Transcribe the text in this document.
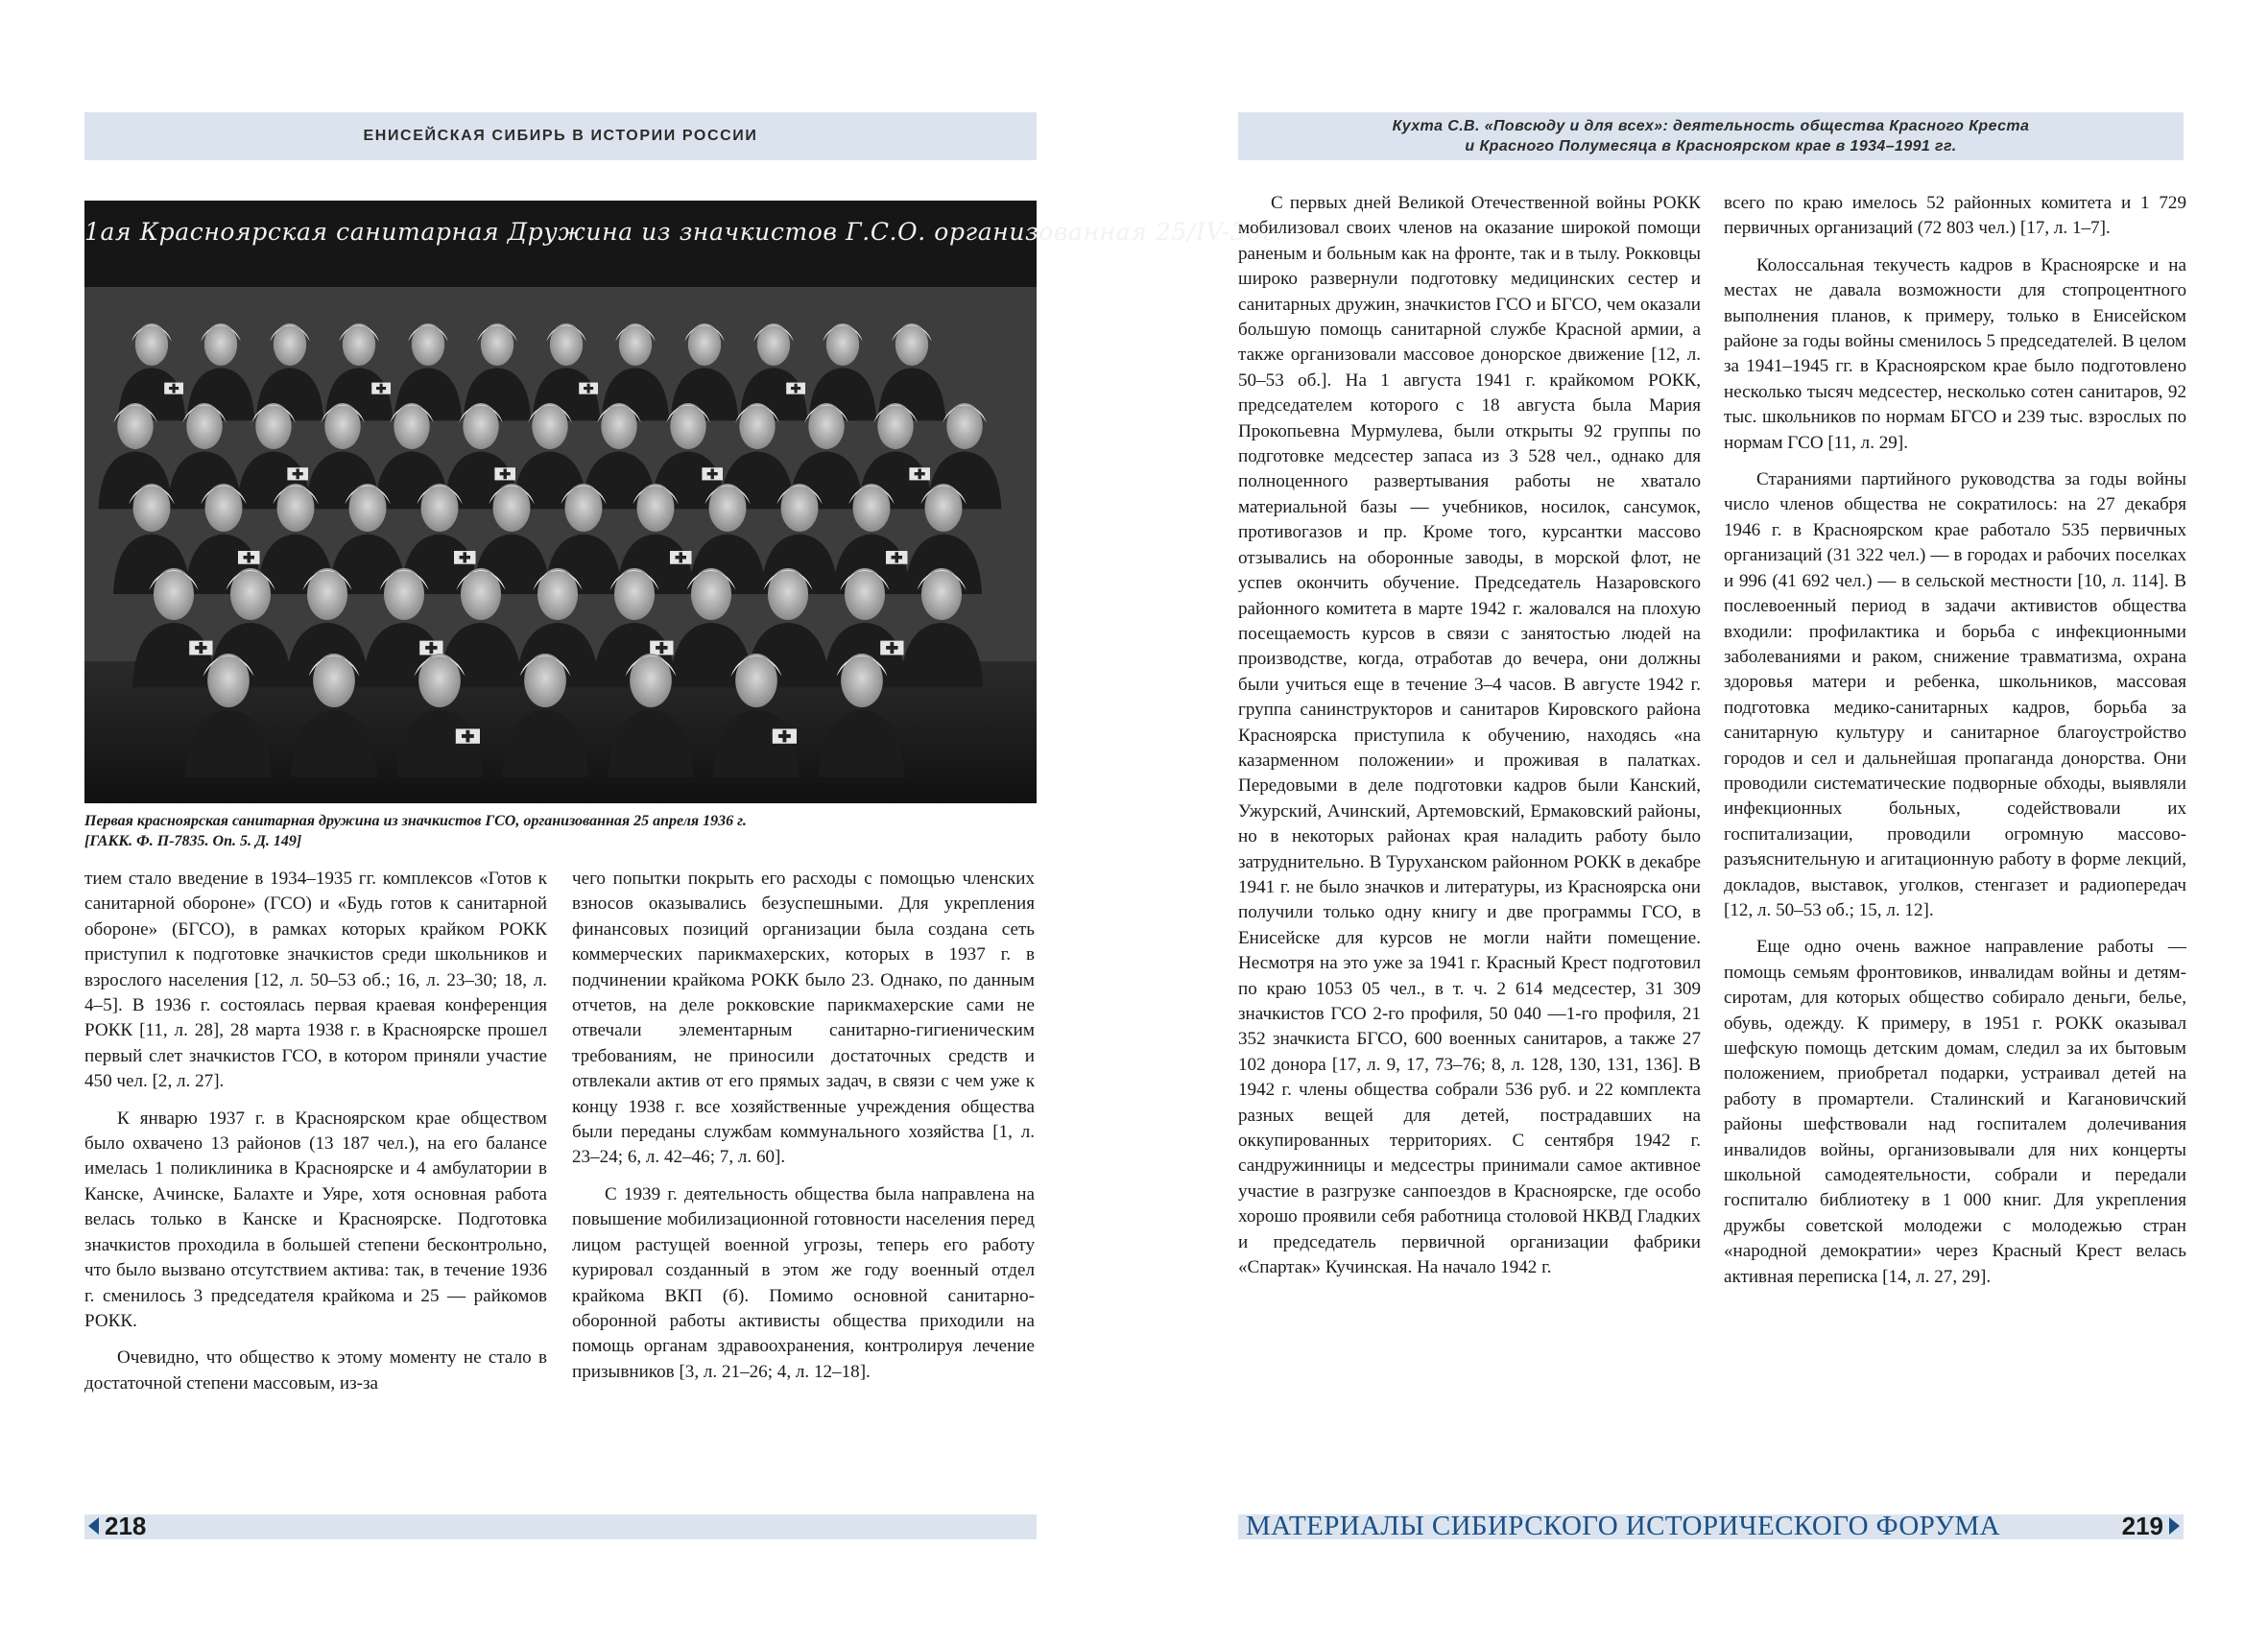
ЕНИСЕЙСКАЯ СИБИРЬ В ИСТОРИИ РОССИИ
1ая Красноярская санитарная Дружина из значкистов Г.С.О. организованная 25/IV-36г.
Первая красноярская санитарная дружина из значкистов ГСО, организованная 25 апреля 1936 г.
[ГАКК. Ф. П-7835. Оп. 5. Д. 149]

тием стало введение в 1934–1935 гг. комплексов «Готов к санитарной обороне» (ГСО) и «Будь готов к санитарной обороне» (БГСО), в рамках которых крайком РОКК приступил к подготовке значкистов среди школьников и взрослого населения [12, л. 50–53 об.; 16, л. 23–30; 18, л. 4–5]. В 1936 г. состоялась первая краевая конференция РОКК [11, л. 28], 28 марта 1938 г. в Красноярске прошел первый слет значкистов ГСО, в котором приняли участие 450 чел. [2, л. 27].

К январю 1937 г. в Красноярском крае обществом было охвачено 13 районов (13 187 чел.), на его балансе имелась 1 поликлиника в Красноярске и 4 амбулатории в Канске, Ачинске, Балахте и Уяре, хотя основная работа велась только в Канске и Красноярске. Подготовка значкистов проходила в большей степени бесконтрольно, что было вызвано отсутствием актива: так, в течение 1936 г. сменилось 3 председателя крайкома и 25 — райкомов РОКК.

Очевидно, что общество к этому моменту не стало в достаточной степени массовым, из-за

чего попытки покрыть его расходы с помощью членских взносов оказывались безуспешными. Для укрепления финансовых позиций организации была создана сеть коммерческих парикмахерских, которых в 1937 г. в подчинении крайкома РОКК было 23. Однако, по данным отчетов, на деле рокковские парикмахерские сами не отвечали элементарным санитарно-гигиеническим требованиям, не приносили достаточных средств и отвлекали актив от его прямых задач, в связи с чем уже к концу 1938 г. все хозяйственные учреждения общества были переданы службам коммунального хозяйства [1, л. 23–24; 6, л. 42–46; 7, л. 60].

С 1939 г. деятельность общества была направлена на повышение мобилизационной готовности населения перед лицом растущей военной угрозы, теперь его работу курировал созданный в этом же году военный отдел крайкома ВКП (б). Помимо основной санитарно-оборонной работы активисты общества приходили на помощь органам здравоохранения, контролируя лечение призывников [3, л. 21–26; 4, л. 12–18].

218
Кухта С.В. «Повсюду и для всех»: деятельность общества Красного Креста
и Красного Полумесяца в Красноярском крае в 1934–1991 гг.

С первых дней Великой Отечественной войны РОКК мобилизовал своих членов на оказание широкой помощи раненым и больным как на фронте, так и в тылу. Рокковцы широко развернули подготовку медицинских сестер и санитарных дружин, значкистов ГСО и БГСО, чем оказали большую помощь санитарной службе Красной армии, а также организовали массовое донорское движение [12, л. 50–53 об.]. На 1 августа 1941 г. крайкомом РОКК, председателем которого с 18 августа была Мария Прокопьевна Мурмулева, были открыты 92 группы по подготовке медсестер запаса из 3 528 чел., однако для полноценного развертывания работы не хватало материальной базы — учебников, носилок, сансумок, противогазов и пр. Кроме того, курсантки массово отзывались на оборонные заводы, в морской флот, не успев окончить обучение. Председатель Назаровского районного комитета в марте 1942 г. жаловался на плохую посещаемость курсов в связи с занятостью людей на производстве, когда, отработав до вечера, они должны были учиться еще в течение 3–4 часов. В августе 1942 г. группа санинструкторов и санитаров Кировского района Красноярска приступила к обучению, находясь «на казарменном положении» и проживая в палатках. Передовыми в деле подготовки кадров были Канский, Ужурский, Ачинский, Артемовский, Ермаковский районы, но в некоторых районах края наладить работу было затруднительно. В Туруханском районном РОКК в декабре 1941 г. не было значков и литературы, из Красноярска они получили только одну книгу и две программы ГСО, в Енисейске для курсов не могли найти помещение. Несмотря на это уже за 1941 г. Красный Крест подготовил по краю 1053 05 чел., в т. ч. 2 614 медсестер, 31 309 значкистов ГСО 2-го профиля, 50 040 —1-го профиля, 21 352 значкиста БГСО, 600 военных санитаров, а также 27 102 донора [17, л. 9, 17, 73–76; 8, л. 128, 130, 131, 136]. В 1942 г. члены общества собрали 536 руб. и 22 комплекта разных вещей для детей, пострадавших на оккупированных территориях. С сентября 1942 г. сандружинницы и медсестры принимали самое активное участие в разгрузке санпоездов в Красноярске, где особо хорошо проявили себя работница столовой НКВД Гладких и председатель первичной организации фабрики «Спартак» Кучинская. На начало 1942 г.

всего по краю имелось 52 районных комитета и 1 729 первичных организаций (72 803 чел.) [17, л. 1–7].

Колоссальная текучесть кадров в Красноярске и на местах не давала возможности для стопроцентного выполнения планов, к примеру, только в Енисейском районе за годы войны сменилось 5 председателей. В целом за 1941–1945 гг. в Красноярском крае было подготовлено несколько тысяч медсестер, несколько сотен санитаров, 92 тыс. школьников по нормам БГСО и 239 тыс. взрослых по нормам ГСО [11, л. 29].

Стараниями партийного руководства за годы войны число членов общества не сократилось: на 27 декабря 1946 г. в Красноярском крае работало 535 первичных организаций (31 322 чел.) — в городах и рабочих поселках и 996 (41 692 чел.) — в сельской местности [10, л. 114]. В послевоенный период в задачи активистов общества входили: профилактика и борьба с инфекционными заболеваниями и раком, снижение травматизма, охрана здоровья матери и ребенка, школьников, массовая подготовка медико-санитарных кадров, борьба за санитарную культуру и санитарное благоустройство городов и сел и дальнейшая пропаганда донорства. Они проводили систематические подворные обходы, выявляли инфекционных больных, содействовали их госпитализации, проводили огромную массово-разъяснительную и агитационную работу в форме лекций, докладов, выставок, уголков, стенгазет и радиопередач [12, л. 50–53 об.; 15, л. 12].

Еще одно очень важное направление работы — помощь семьям фронтовиков, инвалидам войны и детям-сиротам, для которых общество собирало деньги, белье, обувь, одежду. К примеру, в 1951 г. РОКК оказывал шефскую помощь детским домам, следил за их бытовым положением, приобретал подарки, устраивал детей на работу в промартели. Сталинский и Кагановичский районы шефствовали над госпиталем долечивания инвалидов войны, организовывали для них концерты школьной самодеятельности, собрали и передали госпиталю библиотеку в 1 000 книг. Для укрепления дружбы советской молодежи с молодежью стран «народной демократии» через Красный Крест велась активная переписка [14, л. 27, 29].

МАТЕРИАЛЫ СИБИРСКОГО ИСТОРИЧЕСКОГО ФОРУМА	219
